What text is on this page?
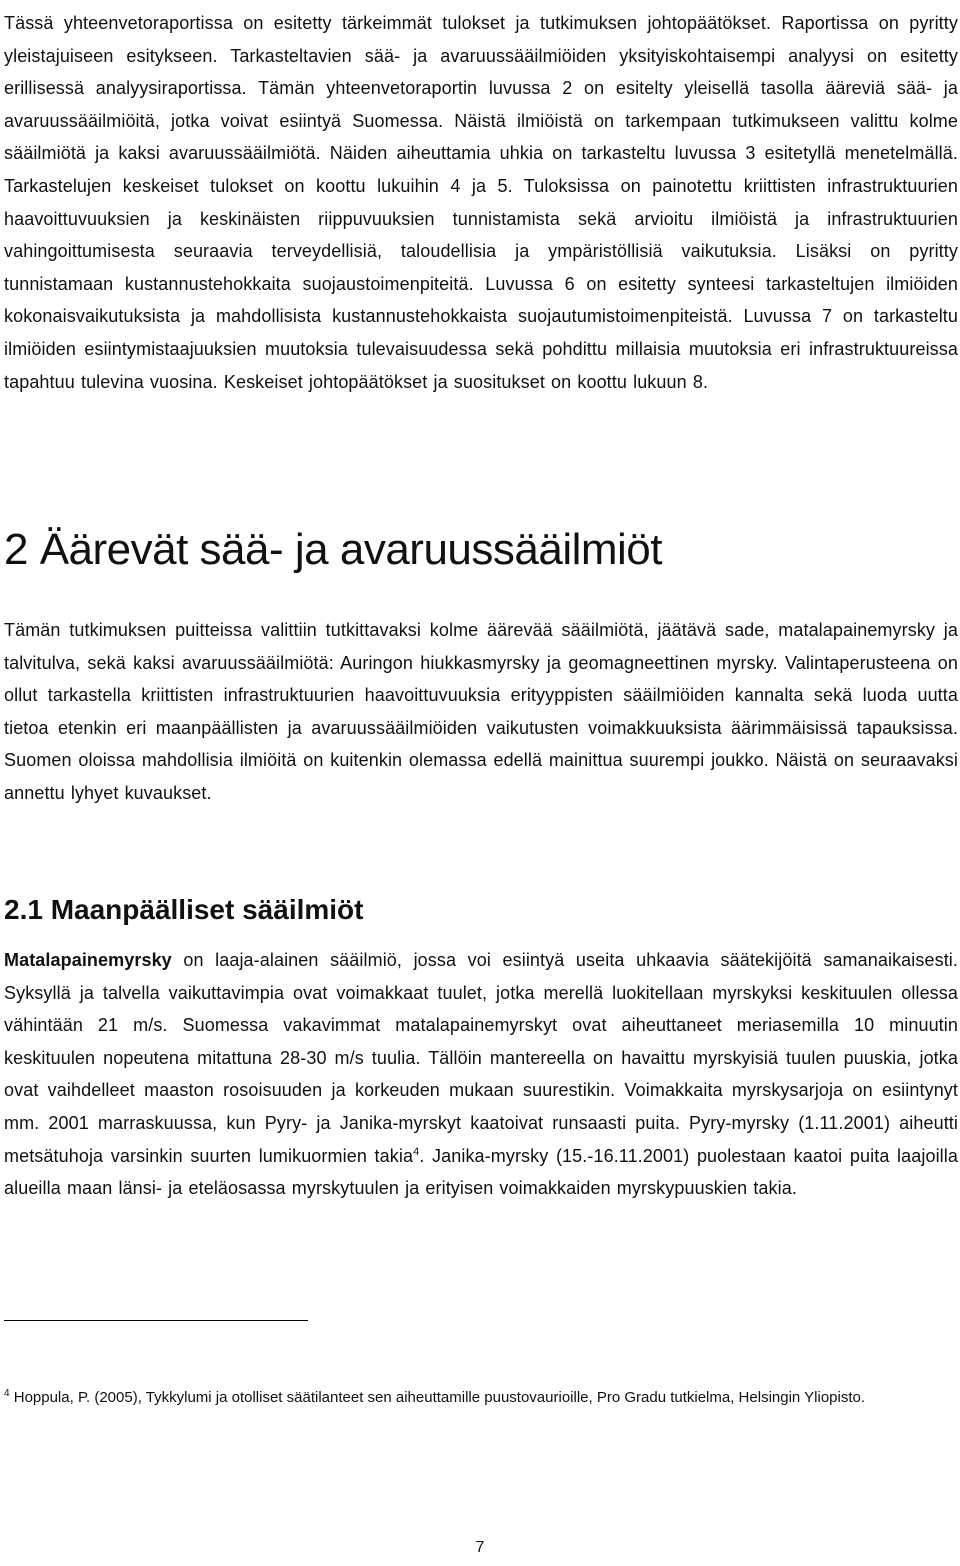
Tässä yhteenvetoraportissa on esitetty tärkeimmät tulokset ja tutkimuksen johtopäätökset. Raportissa on pyritty yleistajuiseen esitykseen. Tarkasteltavien sää- ja avaruussääilmiöiden yksityiskohtaisempi analyysi on esitetty erillisessä analyysiraportissa. Tämän yhteenvetoraportin luvussa 2 on esitelty yleisellä tasolla ääreviä sää- ja avaruussääilmiöitä, jotka voivat esiintyä Suomessa. Näistä ilmiöistä on tarkempaan tutkimukseen valittu kolme sääilmiötä ja kaksi avaruussääilmiötä. Näiden aiheuttamia uhkia on tarkasteltu luvussa 3 esitetyllä menetelmällä. Tarkastelujen keskeiset tulokset on koottu lukuihin 4 ja 5. Tuloksissa on painotettu kriittisten infrastruktuurien haavoittuvuuksien ja keskinäisten riippuvuuksien tunnistamista sekä arvioitu ilmiöistä ja infrastruktuurien vahingoittumisesta seuraavia terveydellisiä, taloudellisia ja ympäristöllisiä vaikutuksia. Lisäksi on pyritty tunnistamaan kustannustehokkaita suojaustoimenpiteitä. Luvussa 6 on esitetty synteesi tarkasteltujen ilmiöiden kokonaisvaikutuksista ja mahdollisista kustannustehokkaista suojautumistoimenpiteistä. Luvussa 7 on tarkasteltu ilmiöiden esiintymistaajuuksien muutoksia tulevaisuudessa sekä pohdittu millaisia muutoksia eri infrastruktuureissa tapahtuu tulevina vuosina. Keskeiset johtopäätökset ja suositukset on koottu lukuun 8.

2 Äärevät sää- ja avaruussääilmiöt

Tämän tutkimuksen puitteissa valittiin tutkittavaksi kolme äärevää sääilmiötä, jäätävä sade, matalapainemyrsky ja talvitulva, sekä kaksi avaruussääilmiötä: Auringon hiukkasmyrsky ja geomagneettinen myrsky. Valintaperusteena on ollut tarkastella kriittisten infrastruktuurien haavoittuvuuksia erityyppisten sääilmiöiden kannalta sekä luoda uutta tietoa etenkin eri maanpäällisten ja avaruussääilmiöiden vaikutusten voimakkuuksista äärimmäisissä tapauksissa. Suomen oloissa mahdollisia ilmiöitä on kuitenkin olemassa edellä mainittua suurempi joukko. Näistä on seuraavaksi annettu lyhyet kuvaukset.

2.1 Maanpäälliset sääilmiöt

Matalapainemyrsky on laaja-alainen sääilmiö, jossa voi esiintyä useita uhkaavia säätekijöitä samanaikaisesti. Syksyllä ja talvella vaikuttavimpia ovat voimakkaat tuulet, jotka merellä luokitellaan myrskyksi keskituulen ollessa vähintään 21 m/s. Suomessa vakavimmat matalapainemyrskyt ovat aiheuttaneet meriasemilla 10 minuutin keskituulen nopeutena mitattuna 28-30 m/s tuulia. Tällöin mantereella on havaittu myrskyisiä tuulen puuskia, jotka ovat vaihdelleet maaston rosoisuuden ja korkeuden mukaan suurestikin. Voimakkaita myrskysarjoja on esiintynyt mm. 2001 marraskuussa, kun Pyry- ja Janika-myrskyt kaatoivat runsaasti puita. Pyry-myrsky (1.11.2001) aiheutti metsätuhoja varsinkin suurten lumikuormien takia$^4$. Janika-myrsky (15.-16.11.2001) puolestaan kaatoi puita laajoilla alueilla maan länsi- ja eteläosassa myrskytuulen ja erityisen voimakkaiden myrskypuuskien takia.

$^4$ Hoppula, P. (2005), Tykkylumi ja otolliset säätilanteet sen aiheuttamille puustovaurioille, Pro Gradu tutkielma, Helsingin Yliopisto.

7
